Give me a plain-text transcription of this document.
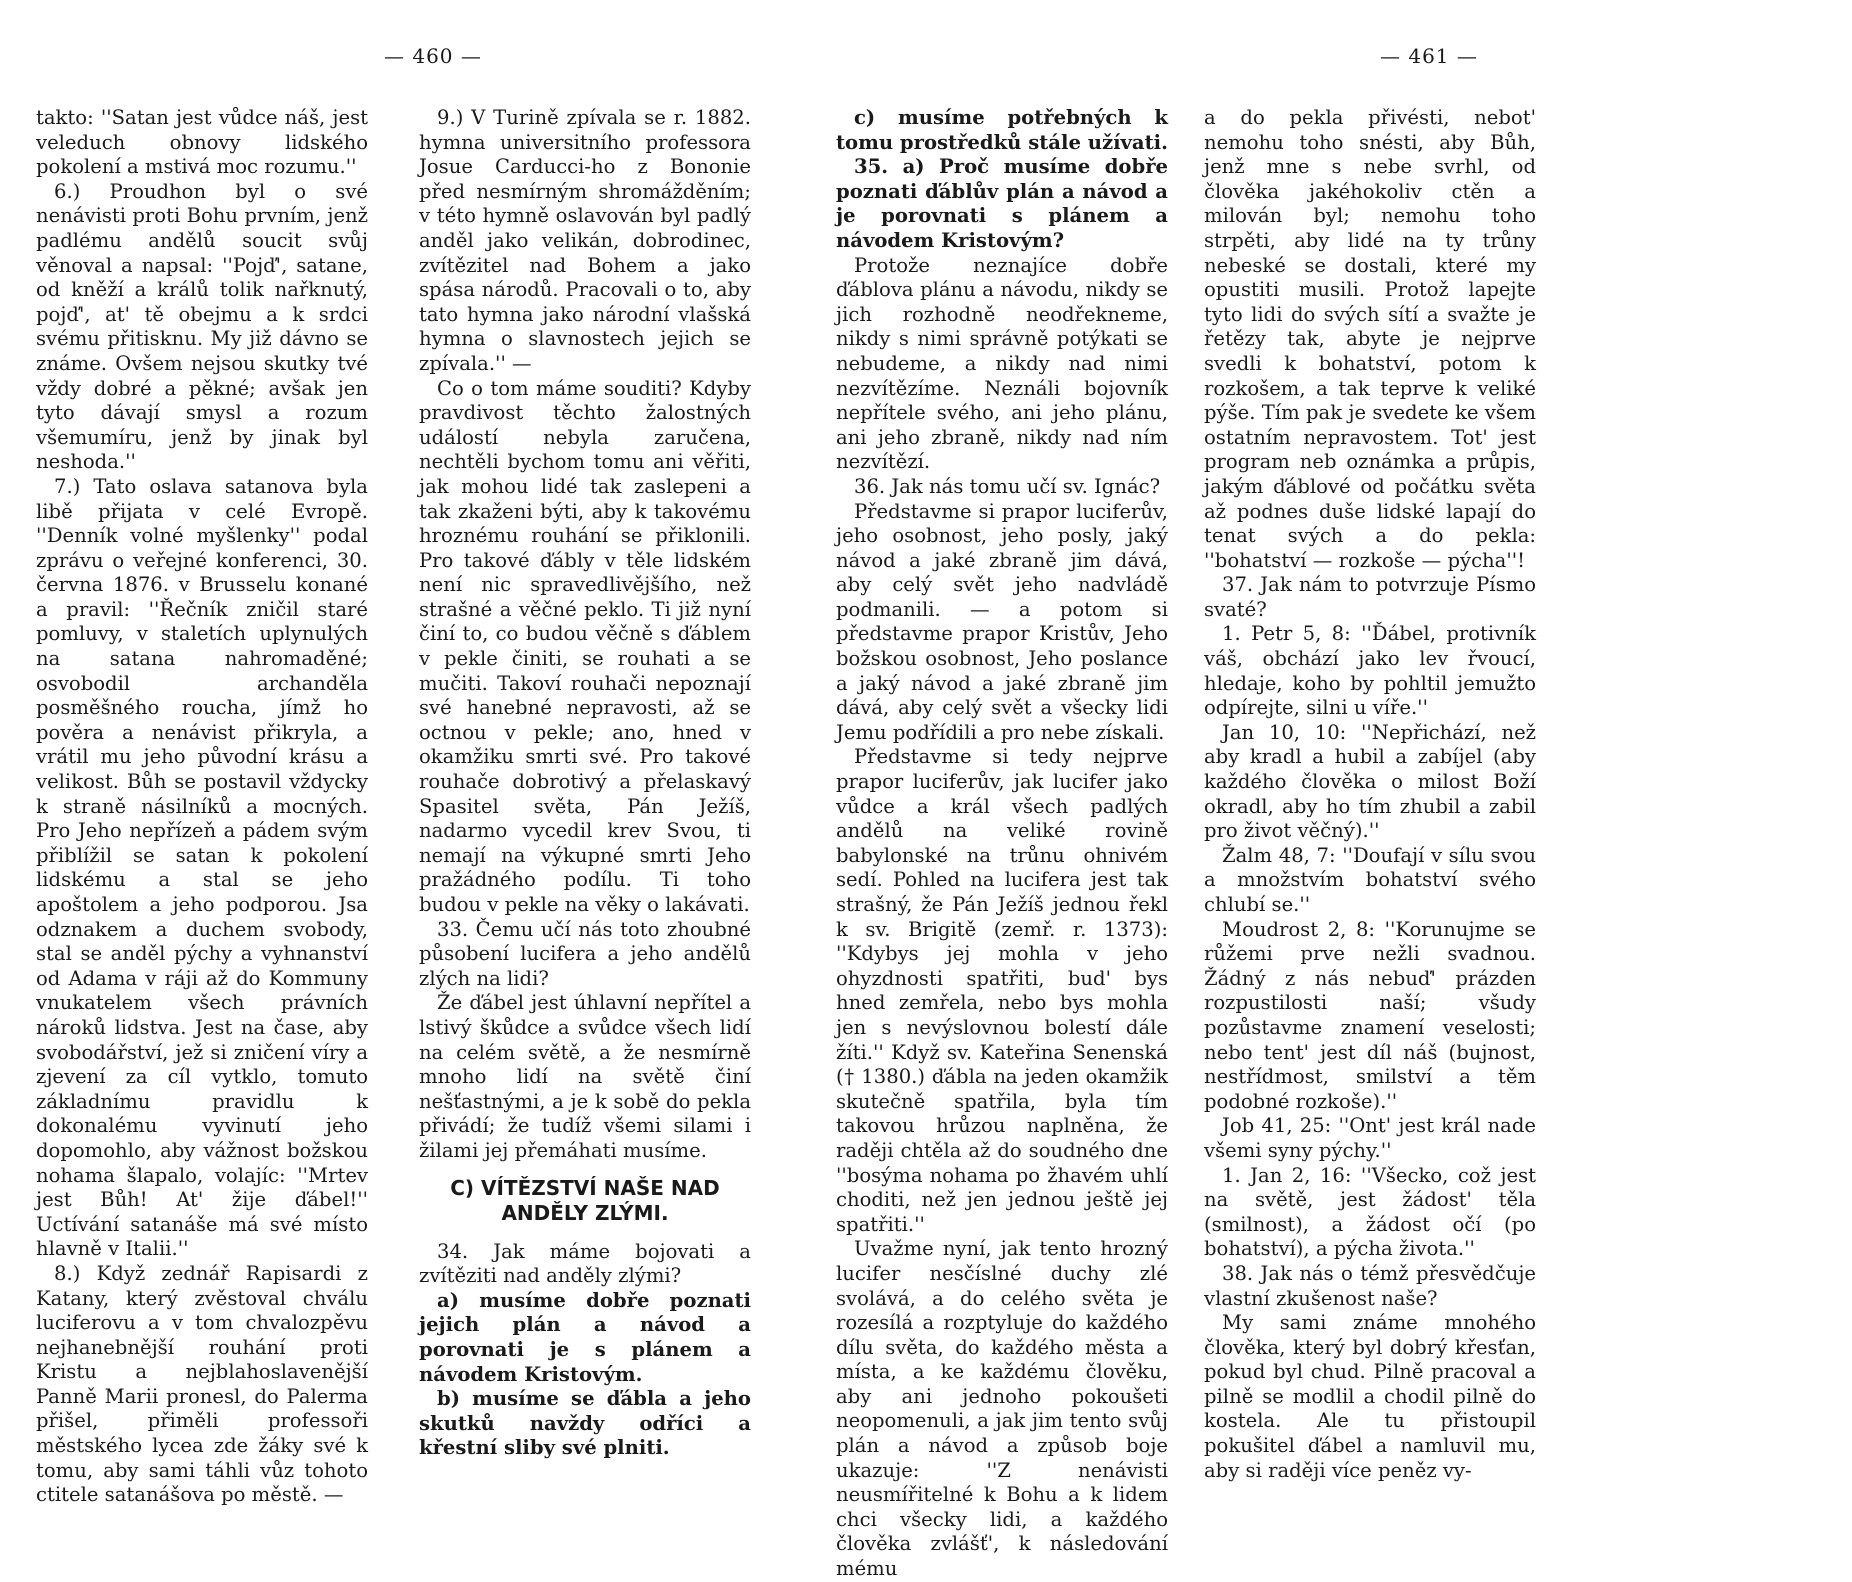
— 460 —	— 461 —

takto: ''Satan jest vůdce náš, jest veleduch obnovy lidského pokolení a mstivá moc rozumu.''

6.) Proudhon byl o své nenávisti proti Bohu prvním, jenž padlému andělů soucit svůj věnoval a napsal: ''Pojď', satane, od kněží a králů tolik nařknutý, pojď', at' tě obejmu a k srdci svému přitisknu. My již dávno se známe. Ovšem nejsou skutky tvé vždy dobré a pěkné; avšak jen tyto dávají smysl a rozum všemumíru, jenž by jinak byl neshoda.''

7.) Tato oslava satanova byla libě přijata v celé Evropě. ''Denník volné myšlenky'' podal zprávu o veřejné konferenci, 30. června 1876. v Brusselu konané a pravil: ''Řečník zničil staré pomluvy, v staletích uplynulých na satana nahromaděné; osvobodil archanděla posměšného roucha, jímž ho pověra a nenávist přikryla, a vrátil mu jeho původní krásu a velikost. Bůh se postavil vždycky k straně násilníků a mocných. Pro Jeho nepřízeň a pádem svým přiblížil se satan k pokolení lidskému a stal se jeho apoštolem a jeho podporou. Jsa odznakem a duchem svobody, stal se anděl pýchy a vyhnanství od Adama v ráji až do Kommuny vnukatelem všech právních nároků lidstva. Jest na čase, aby svobodářství, jež si zničení víry a zjevení za cíl vytklo, tomuto základnímu pravidlu k dokonalému vyvinutí jeho dopomohlo, aby vážnost božskou nohama šlapalo, volajíc: ''Mrtev jest Bůh! At' žije ďábel!'' Uctívání satanáše má své místo hlavně v Italii.''

8.) Když zednář Rapisardi z Katany, který zvěstoval chválu luciferovu a v tom chvalozpěvu nejhanebnější rouhání proti Kristu a nejblahoslavenější Panně Marii pronesl, do Palerma přišel, přiměli professoři městského lycea zde žáky své k tomu, aby sami táhli vůz tohoto ctitele satanášova po městě. —

9.) V Turině zpívala se r. 1882. hymna universitního professora Josue Carducci-ho z Bononie před nesmírným shromážděním; v této hymně oslavován byl padlý anděl jako velikán, dobrodinec, zvítězitel nad Bohem a jako spása národů. Pracovali o to, aby tato hymna jako národní vlašská hymna o slavnostech jejich se zpívala.'' —

Co o tom máme souditi? Kdyby pravdivost těchto žalostných událostí nebyla zaručena, nechtěli bychom tomu ani věřiti, jak mohou lidé tak zaslepeni a tak zkaženi býti, aby k takovému hroznému rouhání se přiklonili. Pro takové ďábly v těle lidském není nic spravedlivějšího, než strašné a věčné peklo. Ti již nyní činí to, co budou věčně s ďáblem v pekle činiti, se rouhati a se mučiti. Takoví rouhači nepoznají své hanebné nepravosti, až se octnou v pekle; ano, hned v okamžiku smrti své. Pro takové rouhače dobrotivý a přelaskavý Spasitel světa, Pán Ježíš, nadarmo vycedil krev Svou, ti nemají na výkupné smrti Jeho pražádného podílu. Ti toho budou v pekle na věky o lakávati.

33. Čemu učí nás toto zhoubné působení lucifera a jeho andělů zlých na lidi?

Že ďábel jest úhlavní nepřítel a lstivý škůdce a svůdce všech lidí na celém světě, a že nesmírně mnoho lidí na světě činí nešťastnými, a je k sobě do pekla přivádí; že tudíž všemi silami i žilami jej přemáhati musíme.

C) VÍTĚZSTVÍ NAŠE NAD ANDĚLY ZLÝMI.

34. Jak máme bojovati a zvítěziti nad anděly zlými?

a) musíme dobře poznati jejich plán a návod a porovnati je s plánem a návodem Kristovým.

b) musíme se ďábla a jeho skutků navždy odříci a křestní sliby své plniti.

c) musíme potřebných k tomu prostředků stále užívati.

35. a) Proč musíme dobře poznati ďáblův plán a návod a je porovnati s plánem a návodem Kristovým?

Protože neznajíce dobře ďáblova plánu a návodu, nikdy se jich rozhodně neodřekneme, nikdy s nimi správně potýkati se nebudeme, a nikdy nad nimi nezvítězíme. Neználi bojovník nepřítele svého, ani jeho plánu, ani jeho zbraně, nikdy nad ním nezvítězí.

36. Jak nás tomu učí sv. Ignác?

Představme si prapor luciferův, jeho osobnost, jeho posly, jaký návod a jaké zbraně jim dává, aby celý svět jeho nadvládě podmanili. — a potom si představme prapor Kristův, Jeho božskou osobnost, Jeho poslance a jaký návod a jaké zbraně jim dává, aby celý svět a všecky lidi Jemu podřídili a pro nebe získali.

Představme si tedy nejprve prapor luciferův, jak lucifer jako vůdce a král všech padlých andělů na veliké rovině babylonské na trůnu ohnivém sedí. Pohled na lucifera jest tak strašný, že Pán Ježíš jednou řekl k sv. Brigitě (zemř. r. 1373): ''Kdybys jej mohla v jeho ohyzdnosti spatřiti, bud' bys hned zemřela, nebo bys mohla jen s nevýslovnou bolestí dále žíti.'' Když sv. Kateřina Senenská († 1380.) ďábla na jeden okamžik skutečně spatřila, byla tím takovou hrůzou naplněna, že raději chtěla až do soudného dne ''bosýma nohama po žhavém uhlí choditi, než jen jednou ještě jej spatřiti.''

Uvažme nyní, jak tento hrozný lucifer nesčíslné duchy zlé svolává, a do celého světa je rozesílá a rozptyluje do každého dílu světa, do každého města a místa, a ke každému člověku, aby ani jednoho pokoušeti neopomenuli, a jak jim tento svůj plán a návod a způsob boje ukazuje: ''Z nenávisti neusmířitelné k Bohu a k lidem chci všecky lidi, a každého člověka zvlášť', k následování mému

a do pekla přivésti, nebot' nemohu toho snésti, aby Bůh, jenž mne s nebe svrhl, od člověka jakéhokoliv ctěn a milován byl; nemohu toho strpěti, aby lidé na ty trůny nebeské se dostali, které my opustiti musili. Protož lapejte tyto lidi do svých sítí a svažte je řetězy tak, abyte je nejprve svedli k bohatství, potom k rozkošem, a tak teprve k veliké pýše. Tím pak je svedete ke všem ostatním nepravostem. Tot' jest program neb oznámka a průpis, jakým ďáblové od počátku světa až podnes duše lidské lapají do tenat svých a do pekla: ''bohatství — rozkoše — pýcha''!

37. Jak nám to potvrzuje Písmo svaté?

1. Petr 5, 8: ''Ďábel, protivník váš, obchází jako lev řvoucí, hledaje, koho by pohltil jemužto odpírejte, silni u víře.''

Jan 10, 10: ''Nepřichází, než aby kradl a hubil a zabíjel (aby každého člověka o milost Boží okradl, aby ho tím zhubil a zabil pro život věčný).''

Žalm 48, 7: ''Doufají v sílu svou a množstvím bohatství svého chlubí se.''

Moudrost 2, 8: ''Korunujme se růžemi prve nežli svadnou. Žádný z nás nebuď' prázden rozpustilosti naší; všudy pozůstavme znamení veselosti; nebo tent' jest díl náš (bujnost, nestřídmost, smilství a těm podobné rozkoše).''

Job 41, 25: ''Ont' jest král nade všemi syny pýchy.''

1. Jan 2, 16: ''Všecko, což jest na světě, jest žádost' těla (smilnost), a žádost očí (po bohatství), a pýcha života.''

38. Jak nás o témž přesvědčuje vlastní zkušenost naše?

My sami známe mnohého člověka, který byl dobrý křesťan, pokud byl chud. Pilně pracoval a pilně se modlil a chodil pilně do kostela. Ale tu přistoupil pokušitel ďábel a namluvil mu, aby si raději více peněz vy-
